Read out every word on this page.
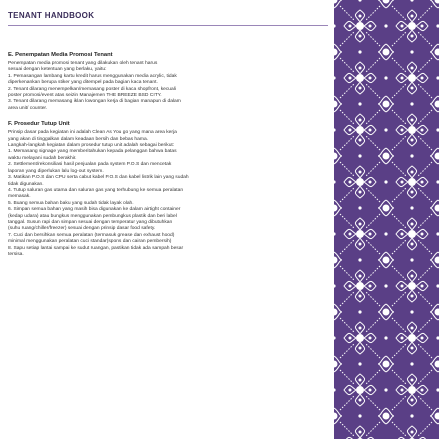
TENANT HANDBOOK

E. Penempatan Media Promosi Tenant

Penempatan media promosi tenant yang dilakukan oleh tenant harus

sesuai dengan ketentuan yang berlaku, yaitu:

1. Pemasangan lambang kartu kredit harus menggunakan media acrylic, tidak

diperkenankan berupa stiker yang ditempel pada bagian kaca tenant.

2. Tenant dilarang menempelkan/memasang poster di kaca shopfront, kecuali

poster promosi/event atas seizin Manajemen THE BREEZE BSD CITY.

3. Tenant dilarang memasang iklan lowongan kerja di bagian manapun di dalam

area unit/ counter.

F. Prosedur Tutup Unit

Prinsip dasar pada kegiatan ini adalah Clean As You go yang mana area kerja

yang akan di tinggalkan dalam keadaan bersih dan bebas hama.

Langkah-langkah kegiatan dalam prosedur tutup unit adalah sebagai berikut:

1. Memasang signage yang memberitahukan kepada pelanggan bahwa batas

waktu melayani sudah berakhir.

2. Settlement/rekonsiliasi hasil penjualan pada system P.O.S dan mencetak

laporan yang diperlukan lalu log-out system.

3. Matikan P.O.S dan CPU serta cabut kabel P.O.S dan kabel listrik lain yang sudah

tidak digunakan.

4. Tutup saluran gas utama dan saluran gas yang terhubung ke semua peralatan

memasak.

5. Buang semua bahan baku yang sudah tidak layak olah.

6. Simpan semua bahan yang masih bisa digunakan ke dalam airtight container

(kedap udara) atau bungkus menggunakan pembungkus plastik dan beri label

tanggal. Susun rapi dan simpan sesuai dengan temperatur yang dibutuhkan

(suhu ruang/chiller/freezer) sesuai dengan prinsip dasar food safety.

7. Cuci dan bersihkan semua peralatan (termasuk grease dan exhaust hood)

minimal menggunakan peralatan cuci standar(spons dan cairan pembersih)

8. Sapu setiap lantai sampai ke sudut ruangan, pastikan tidak ada sampah besar

tersisa.
